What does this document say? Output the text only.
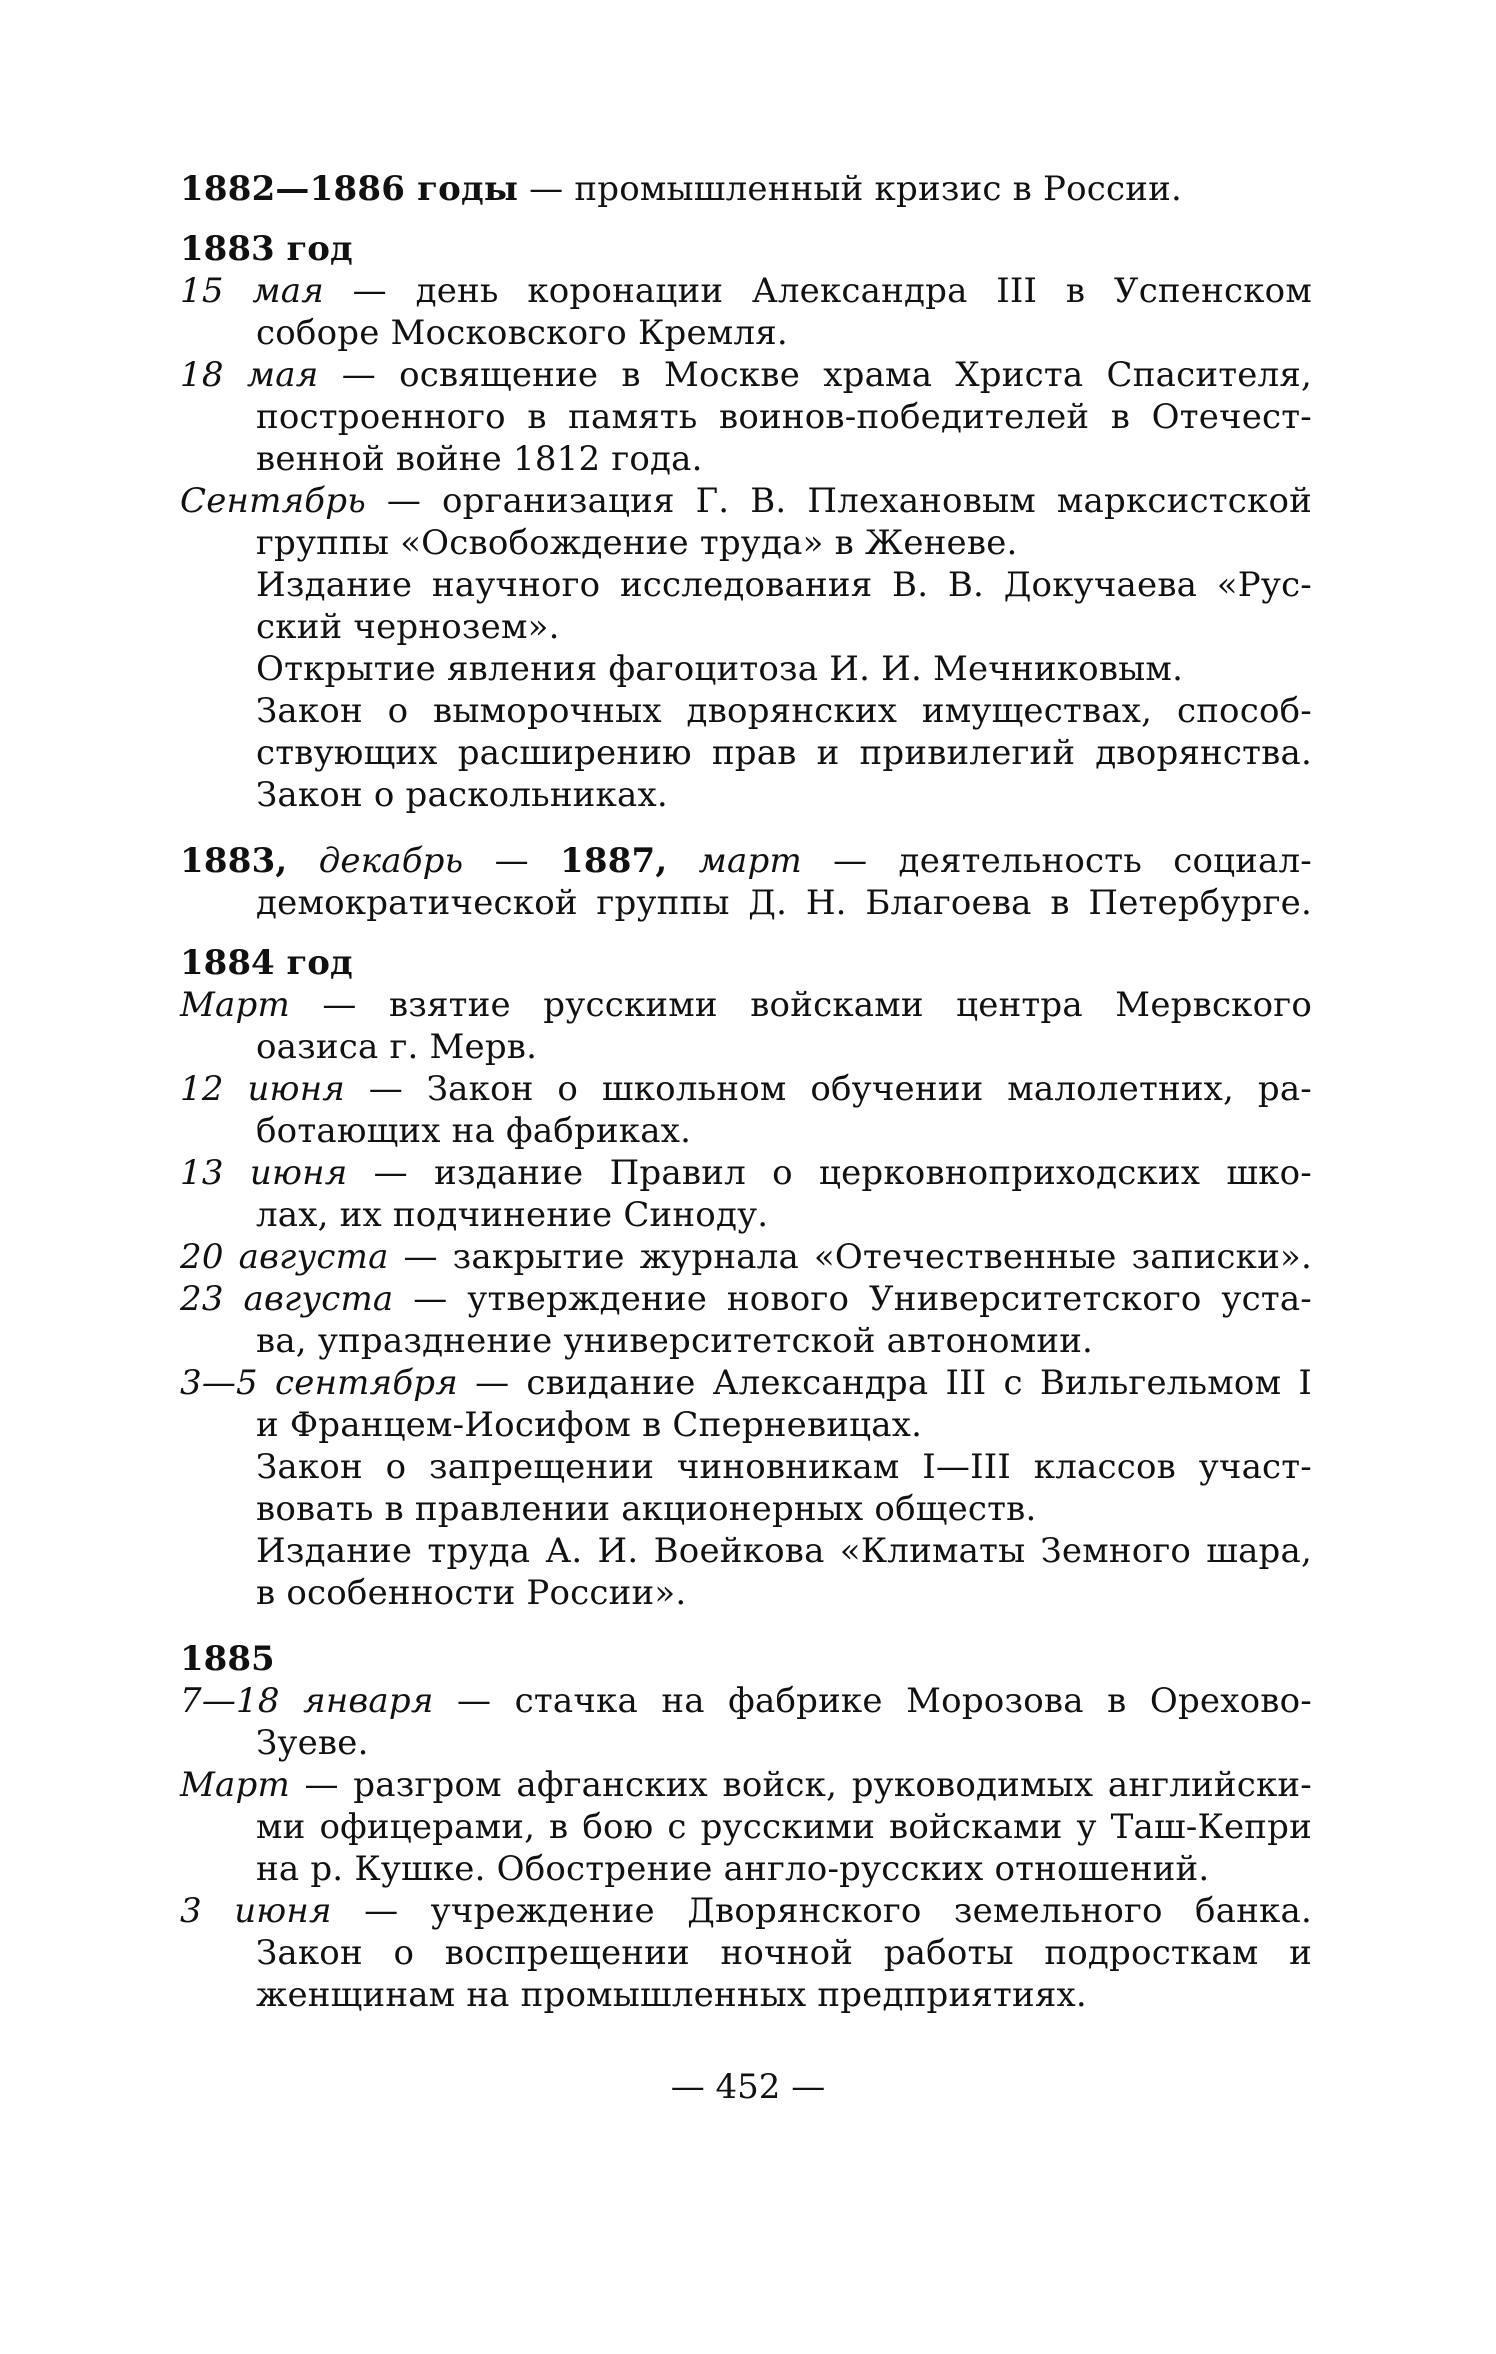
1882—1886 годы — промышленный кризис в России.
1883 год
15 мая — день коронации Александра III в Успенском
соборе Московского Кремля.
18 мая — освящение в Москве храма Христа Спасителя,
построенного в память воинов-победителей в Отечест-
венной войне 1812 года.
Сентябрь — организация Г. В. Плехановым марксистской
группы «Освобождение труда» в Женеве.
Издание научного исследования В. В. Докучаева «Рус-
ский чернозем».
Открытие явления фагоцитоза И. И. Мечниковым.
Закон о выморочных дворянских имуществах, способ-
ствующих расширению прав и привилегий дворянства.
Закон о раскольниках.
1883, декабрь — 1887, март — деятельность социал-
демократической группы Д. Н. Благоева в Петербурге.
1884 год
Март — взятие русскими войсками центра Мервского
оазиса г. Мерв.
12 июня — Закон о школьном обучении малолетних, ра-
ботающих на фабриках.
13 июня — издание Правил о церковноприходских шко-
лах, их подчинение Синоду.
20 августа — закрытие журнала «Отечественные записки».
23 августа — утверждение нового Университетского уста-
ва, упразднение университетской автономии.
3—5 сентября — свидание Александра III с Вильгельмом I
и Францем-Иосифом в Сперневицах.
Закон о запрещении чиновникам I—III классов участ-
вовать в правлении акционерных обществ.
Издание труда А. И. Воейкова «Климаты Земного шара,
в особенности России».
1885
7—18 января — стачка на фабрике Морозова в Орехово-
Зуеве.
Март — разгром афганских войск, руководимых английски-
ми офицерами, в бою с русскими войсками у Таш-Кепри
на р. Кушке. Обострение англо-русских отношений.
3 июня — учреждение Дворянского земельного банка.
Закон о воспрещении ночной работы подросткам и
женщинам на промышленных предприятиях.
— 452 —
